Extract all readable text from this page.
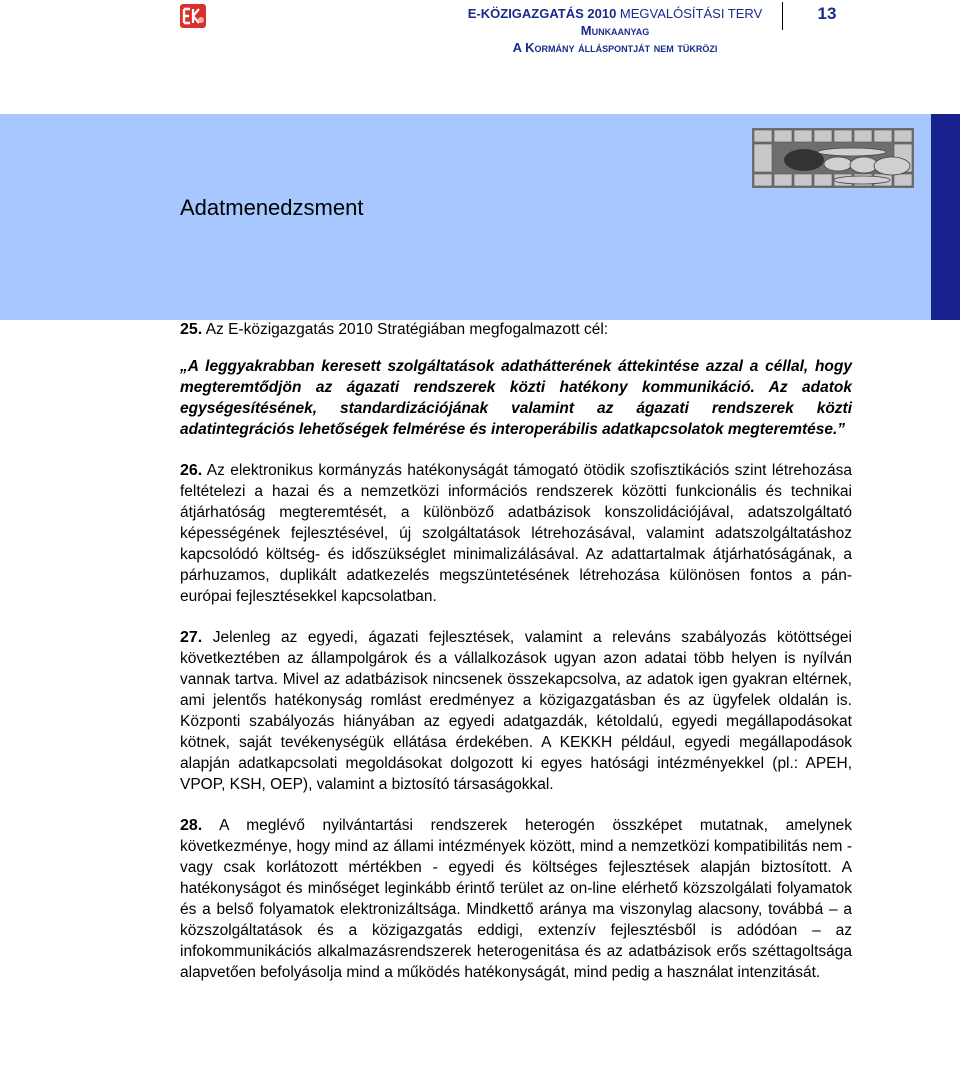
E-KÖZIGAZGATÁS 2010 MEGVALÓSÍTÁSI TERV
Munkaanyag
A Kormány álláspontját nem tükrözi
13
Adatmenedzsment

25. Az E-közigazgatás 2010 Stratégiában megfogalmazott cél:

„A leggyakrabban keresett szolgáltatások adathátterének áttekintése azzal a céllal, hogy megteremtődjön az ágazati rendszerek közti hatékony kommunikáció. Az adatok egységesítésének, standardizációjának valamint az ágazati rendszerek közti adatintegrációs lehetőségek felmérése és interoperábilis adatkapcsolatok megteremtése.”

26. Az elektronikus kormányzás hatékonyságát támogató ötödik szofisztikációs szint létrehozása feltételezi a hazai és a nemzetközi információs rendszerek közötti funkcionális és technikai átjárhatóság megteremtését, a különböző adatbázisok konszolidációjával, adatszolgáltató képességének fejlesztésével, új szolgáltatások létrehozásával, valamint adatszolgáltatáshoz kapcsolódó költség- és időszükséglet minimalizálásával. Az adattartalmak átjárhatóságának, a párhuzamos, duplikált adatkezelés megszüntetésének létrehozása különösen fontos a pán-európai fejlesztésekkel kapcsolatban.

27. Jelenleg az egyedi, ágazati fejlesztések, valamint a releváns szabályozás kötöttségei következtében az állampolgárok és a vállalkozások ugyan azon adatai több helyen is nyílván vannak tartva. Mivel az adatbázisok nincsenek összekapcsolva, az adatok igen gyakran eltérnek, ami jelentős hatékonyság romlást eredményez a közigazgatásban és az ügyfelek oldalán is. Központi szabályozás hiányában az egyedi adatgazdák, kétoldalú, egyedi megállapodásokat kötnek, saját tevékenységük ellátása érdekében. A KEKKH például, egyedi megállapodások alapján adatkapcsolati megoldásokat dolgozott ki egyes hatósági intézményekkel (pl.: APEH, VPOP, KSH, OEP), valamint a biztosító társaságokkal.

28. A meglévő nyilvántartási rendszerek heterogén összképet mutatnak, amelynek következménye, hogy mind az állami intézmények között, mind a nemzetközi kompatibilitás nem - vagy csak korlátozott mértékben - egyedi és költséges fejlesztések alapján biztosított. A hatékonyságot és minőséget leginkább érintő terület az on-line elérhető közszolgálati folyamatok és a belső folyamatok elektronizáltsága. Mindkettő aránya ma viszonylag alacsony, továbbá – a közszolgáltatások és a közigazgatás eddigi, extenzív fejlesztésből is adódóan – az infokommunikációs alkalmazásrendszerek heterogenitása és az adatbázisok erős széttagoltsága alapvetően befolyásolja mind a működés hatékonyságát, mind pedig a használat intenzitását.
